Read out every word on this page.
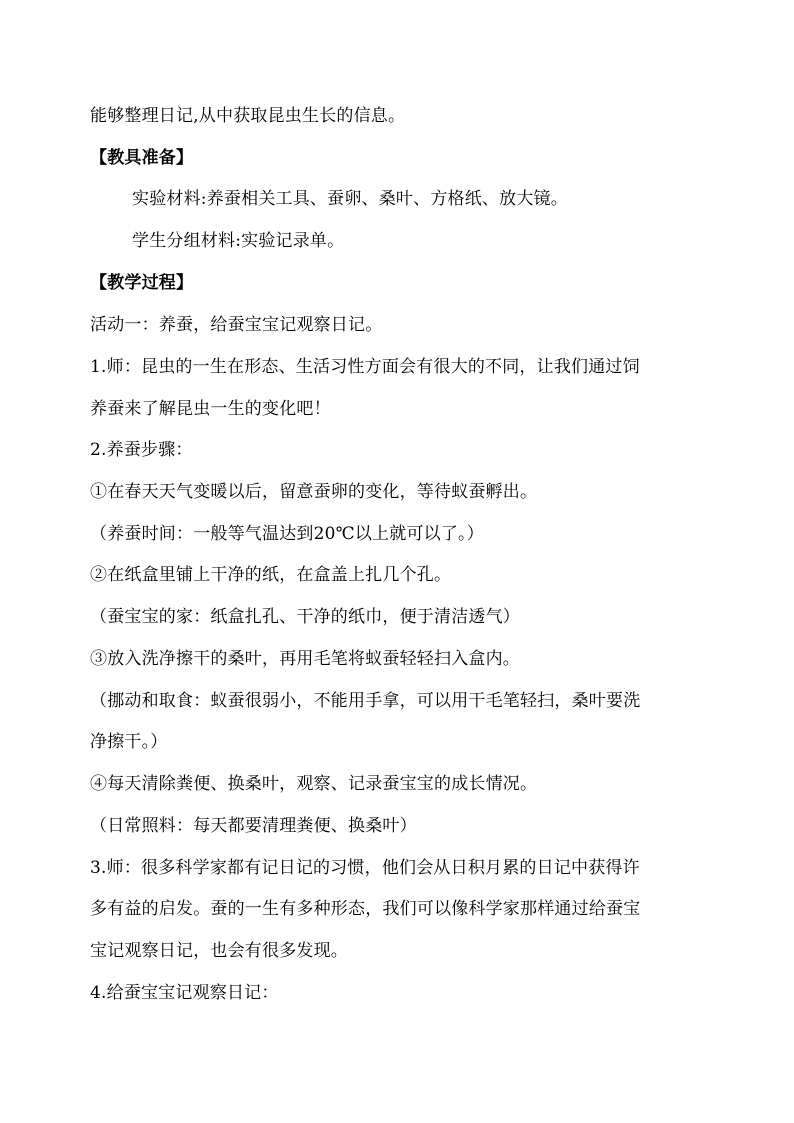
能够整理日记,从中获取昆虫生长的信息。
【教具准备】
实验材料:养蚕相关工具、蚕卵、桑叶、方格纸、放大镜。
学生分组材料:实验记录单。
【教学过程】
活动一：养蚕，给蚕宝宝记观察日记。
1.师：昆虫的一生在形态、生活习性方面会有很大的不同，让我们通过饲
养蚕来了解昆虫一生的变化吧！
2.养蚕步骤：
①在春天天气变暖以后，留意蚕卵的变化，等待蚁蚕孵出。
（养蚕时间：一般等气温达到20℃以上就可以了。）
②在纸盒里铺上干净的纸，在盒盖上扎几个孔。
（蚕宝宝的家：纸盒扎孔、干净的纸巾，便于清洁透气）
③放入洗净擦干的桑叶，再用毛笔将蚁蚕轻轻扫入盒内。
（挪动和取食：蚁蚕很弱小，不能用手拿，可以用干毛笔轻扫，桑叶要洗
净擦干。）
④每天清除粪便、换桑叶，观察、记录蚕宝宝的成长情况。
（日常照料：每天都要清理粪便、换桑叶）
3.师：很多科学家都有记日记的习惯，他们会从日积月累的日记中获得许
多有益的启发。蚕的一生有多种形态，我们可以像科学家那样通过给蚕宝
宝记观察日记，也会有很多发现。
4.给蚕宝宝记观察日记：
